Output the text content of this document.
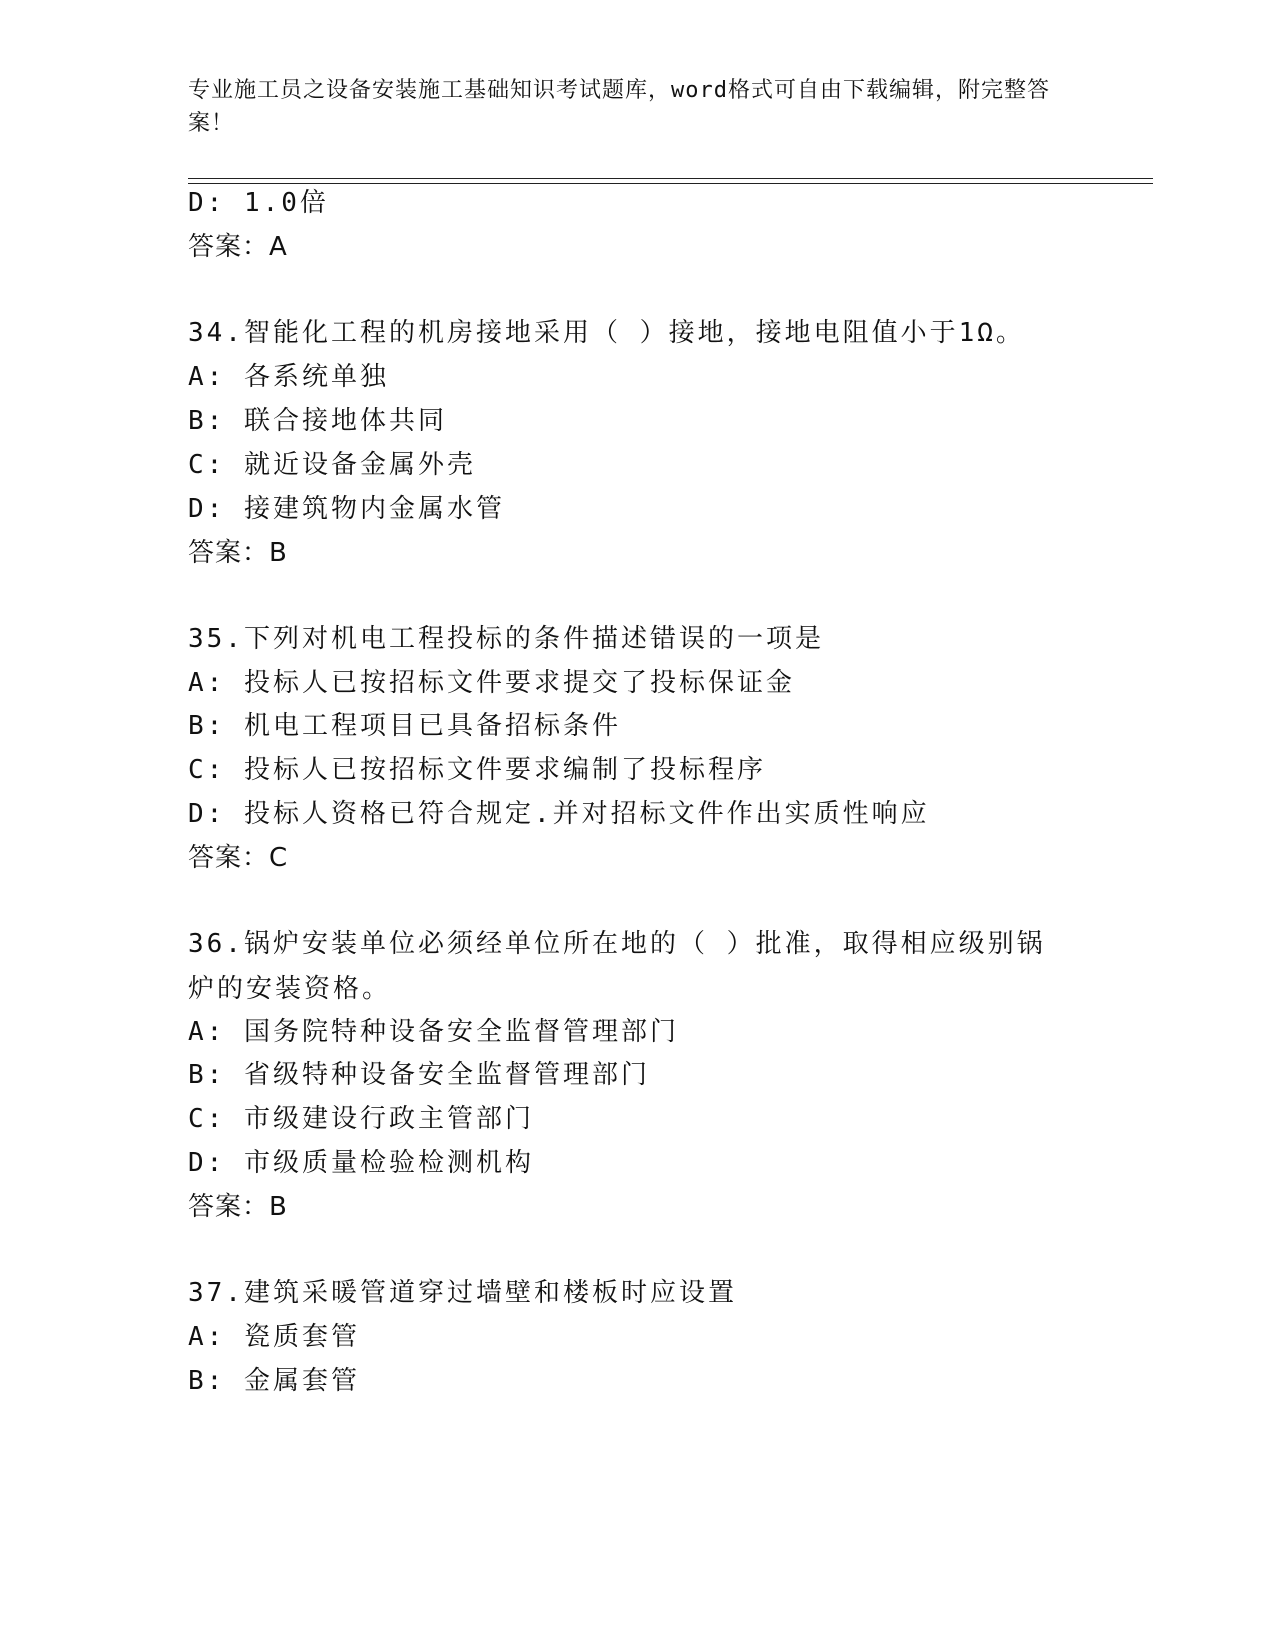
专业施工员之设备安装施工基础知识考试题库，word格式可自由下载编辑，附完整答案！
D: 1.0倍
答案：A
34.智能化工程的机房接地采用（ ）接地，接地电阻值小于1Ω。
A: 各系统单独
B: 联合接地体共同
C: 就近设备金属外壳
D: 接建筑物内金属水管
答案：B
35.下列对机电工程投标的条件描述错误的一项是
A: 投标人已按招标文件要求提交了投标保证金
B: 机电工程项目已具备招标条件
C: 投标人已按招标文件要求编制了投标程序
D: 投标人资格已符合规定.并对招标文件作出实质性响应
答案：C
36.锅炉安装单位必须经单位所在地的（ ）批准，取得相应级别锅炉的安装资格。
A: 国务院特种设备安全监督管理部门
B: 省级特种设备安全监督管理部门
C: 市级建设行政主管部门
D: 市级质量检验检测机构
答案：B
37.建筑采暖管道穿过墙壁和楼板时应设置
A: 瓷质套管
B: 金属套管
